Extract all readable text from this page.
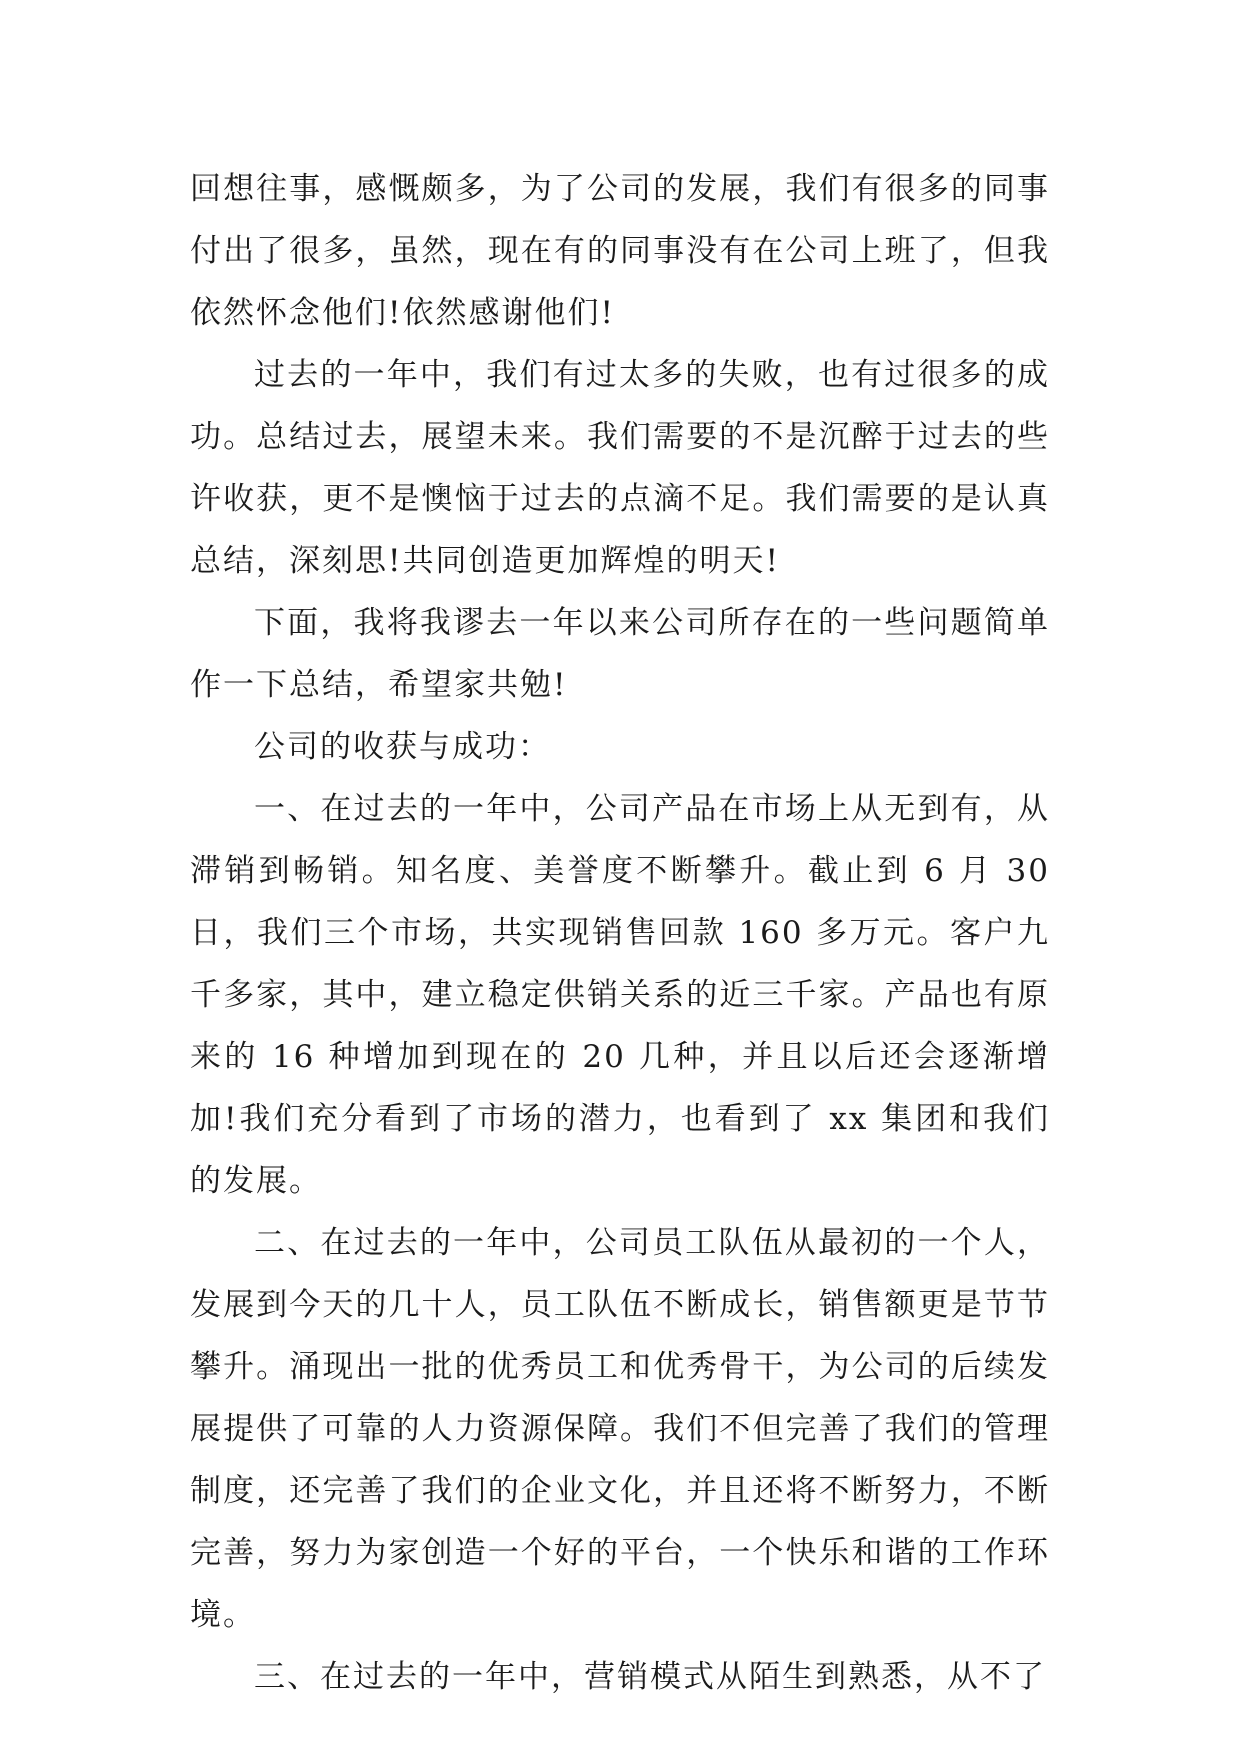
回想往事，感慨颇多，为了公司的发展，我们有很多的同事付出了很多，虽然，现在有的同事没有在公司上班了，但我依然怀念他们!依然感谢他们!

过去的一年中，我们有过太多的失败，也有过很多的成功。总结过去，展望未来。我们需要的不是沉醉于过去的些许收获，更不是懊恼于过去的点滴不足。我们需要的是认真总结，深刻思!共同创造更加辉煌的明天!

下面，我将我谬去一年以来公司所存在的一些问题简单作一下总结，希望家共勉!

公司的收获与成功：

一、在过去的一年中，公司产品在市场上从无到有，从滞销到畅销。知名度、美誉度不断攀升。截止到 6 月 30 日，我们三个市场，共实现销售回款 160 多万元。客户九千多家，其中，建立稳定供销关系的近三千家。产品也有原来的 16 种增加到现在的 20 几种，并且以后还会逐渐增加!我们充分看到了市场的潜力，也看到了 xx 集团和我们的发展。

二、在过去的一年中，公司员工队伍从最初的一个人，发展到今天的几十人，员工队伍不断成长，销售额更是节节攀升。涌现出一批的优秀员工和优秀骨干，为公司的后续发展提供了可靠的人力资源保障。我们不但完善了我们的管理制度，还完善了我们的企业文化，并且还将不断努力，不断完善，努力为家创造一个好的平台，一个快乐和谐的工作环境。

三、在过去的一年中，营销模式从陌生到熟悉，从不了
